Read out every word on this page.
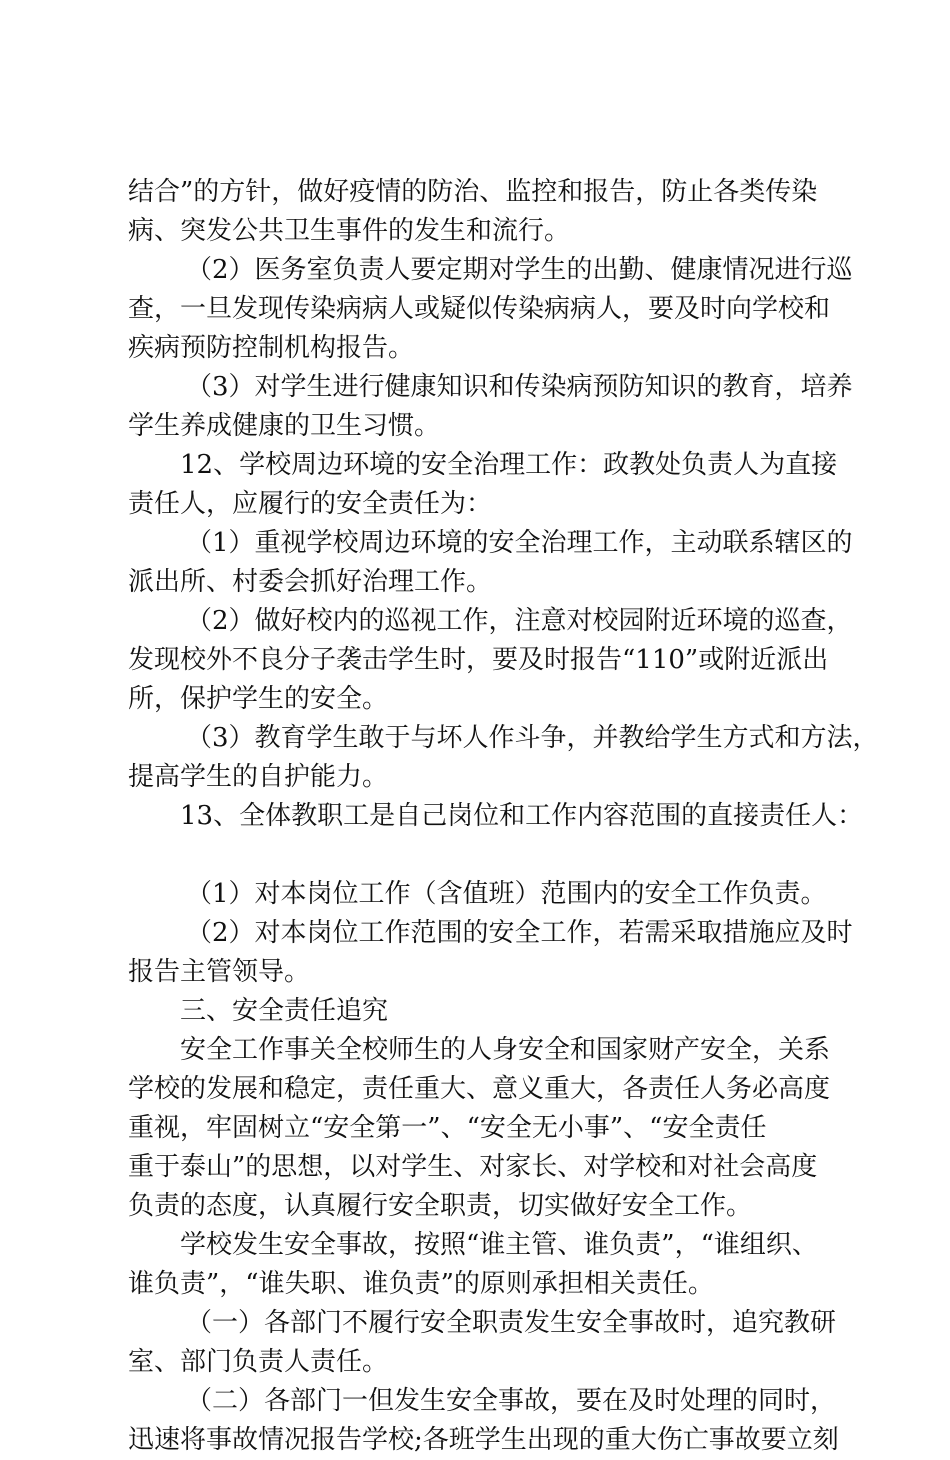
结合”的方针，做好疫情的防治、监控和报告，防止各类传染
病、突发公共卫生事件的发生和流行。
（2）医务室负责人要定期对学生的出勤、健康情况进行巡
查，一旦发现传染病病人或疑似传染病病人，要及时向学校和
疾病预防控制机构报告。
（3）对学生进行健康知识和传染病预防知识的教育，培养
学生养成健康的卫生习惯。
12、学校周边环境的安全治理工作：政教处负责人为直接
责任人，应履行的安全责任为：
（1）重视学校周边环境的安全治理工作，主动联系辖区的
派出所、村委会抓好治理工作。
（2）做好校内的巡视工作，注意对校园附近环境的巡查，
发现校外不良分子袭击学生时，要及时报告“110”或附近派出
所，保护学生的安全。
（3）教育学生敢于与坏人作斗争，并教给学生方式和方法，
提高学生的自护能力。
13、全体教职工是自己岗位和工作内容范围的直接责任人：
（1）对本岗位工作（含值班）范围内的安全工作负责。
（2）对本岗位工作范围的安全工作，若需采取措施应及时
报告主管领导。
三、安全责任追究
安全工作事关全校师生的人身安全和国家财产安全，关系
学校的发展和稳定，责任重大、意义重大，各责任人务必高度
重视，牢固树立“安全第一”、“安全无小事”、“安全责任
重于泰山”的思想，以对学生、对家长、对学校和对社会高度
负责的态度，认真履行安全职责，切实做好安全工作。
学校发生安全事故，按照“谁主管、谁负责”，“谁组织、
谁负责”，“谁失职、谁负责”的原则承担相关责任。
（一）各部门不履行安全职责发生安全事故时，追究教研
室、部门负责人责任。
（二）各部门一但发生安全事故，要在及时处理的同时，
迅速将事故情况报告学校;各班学生出现的重大伤亡事故要立刻
